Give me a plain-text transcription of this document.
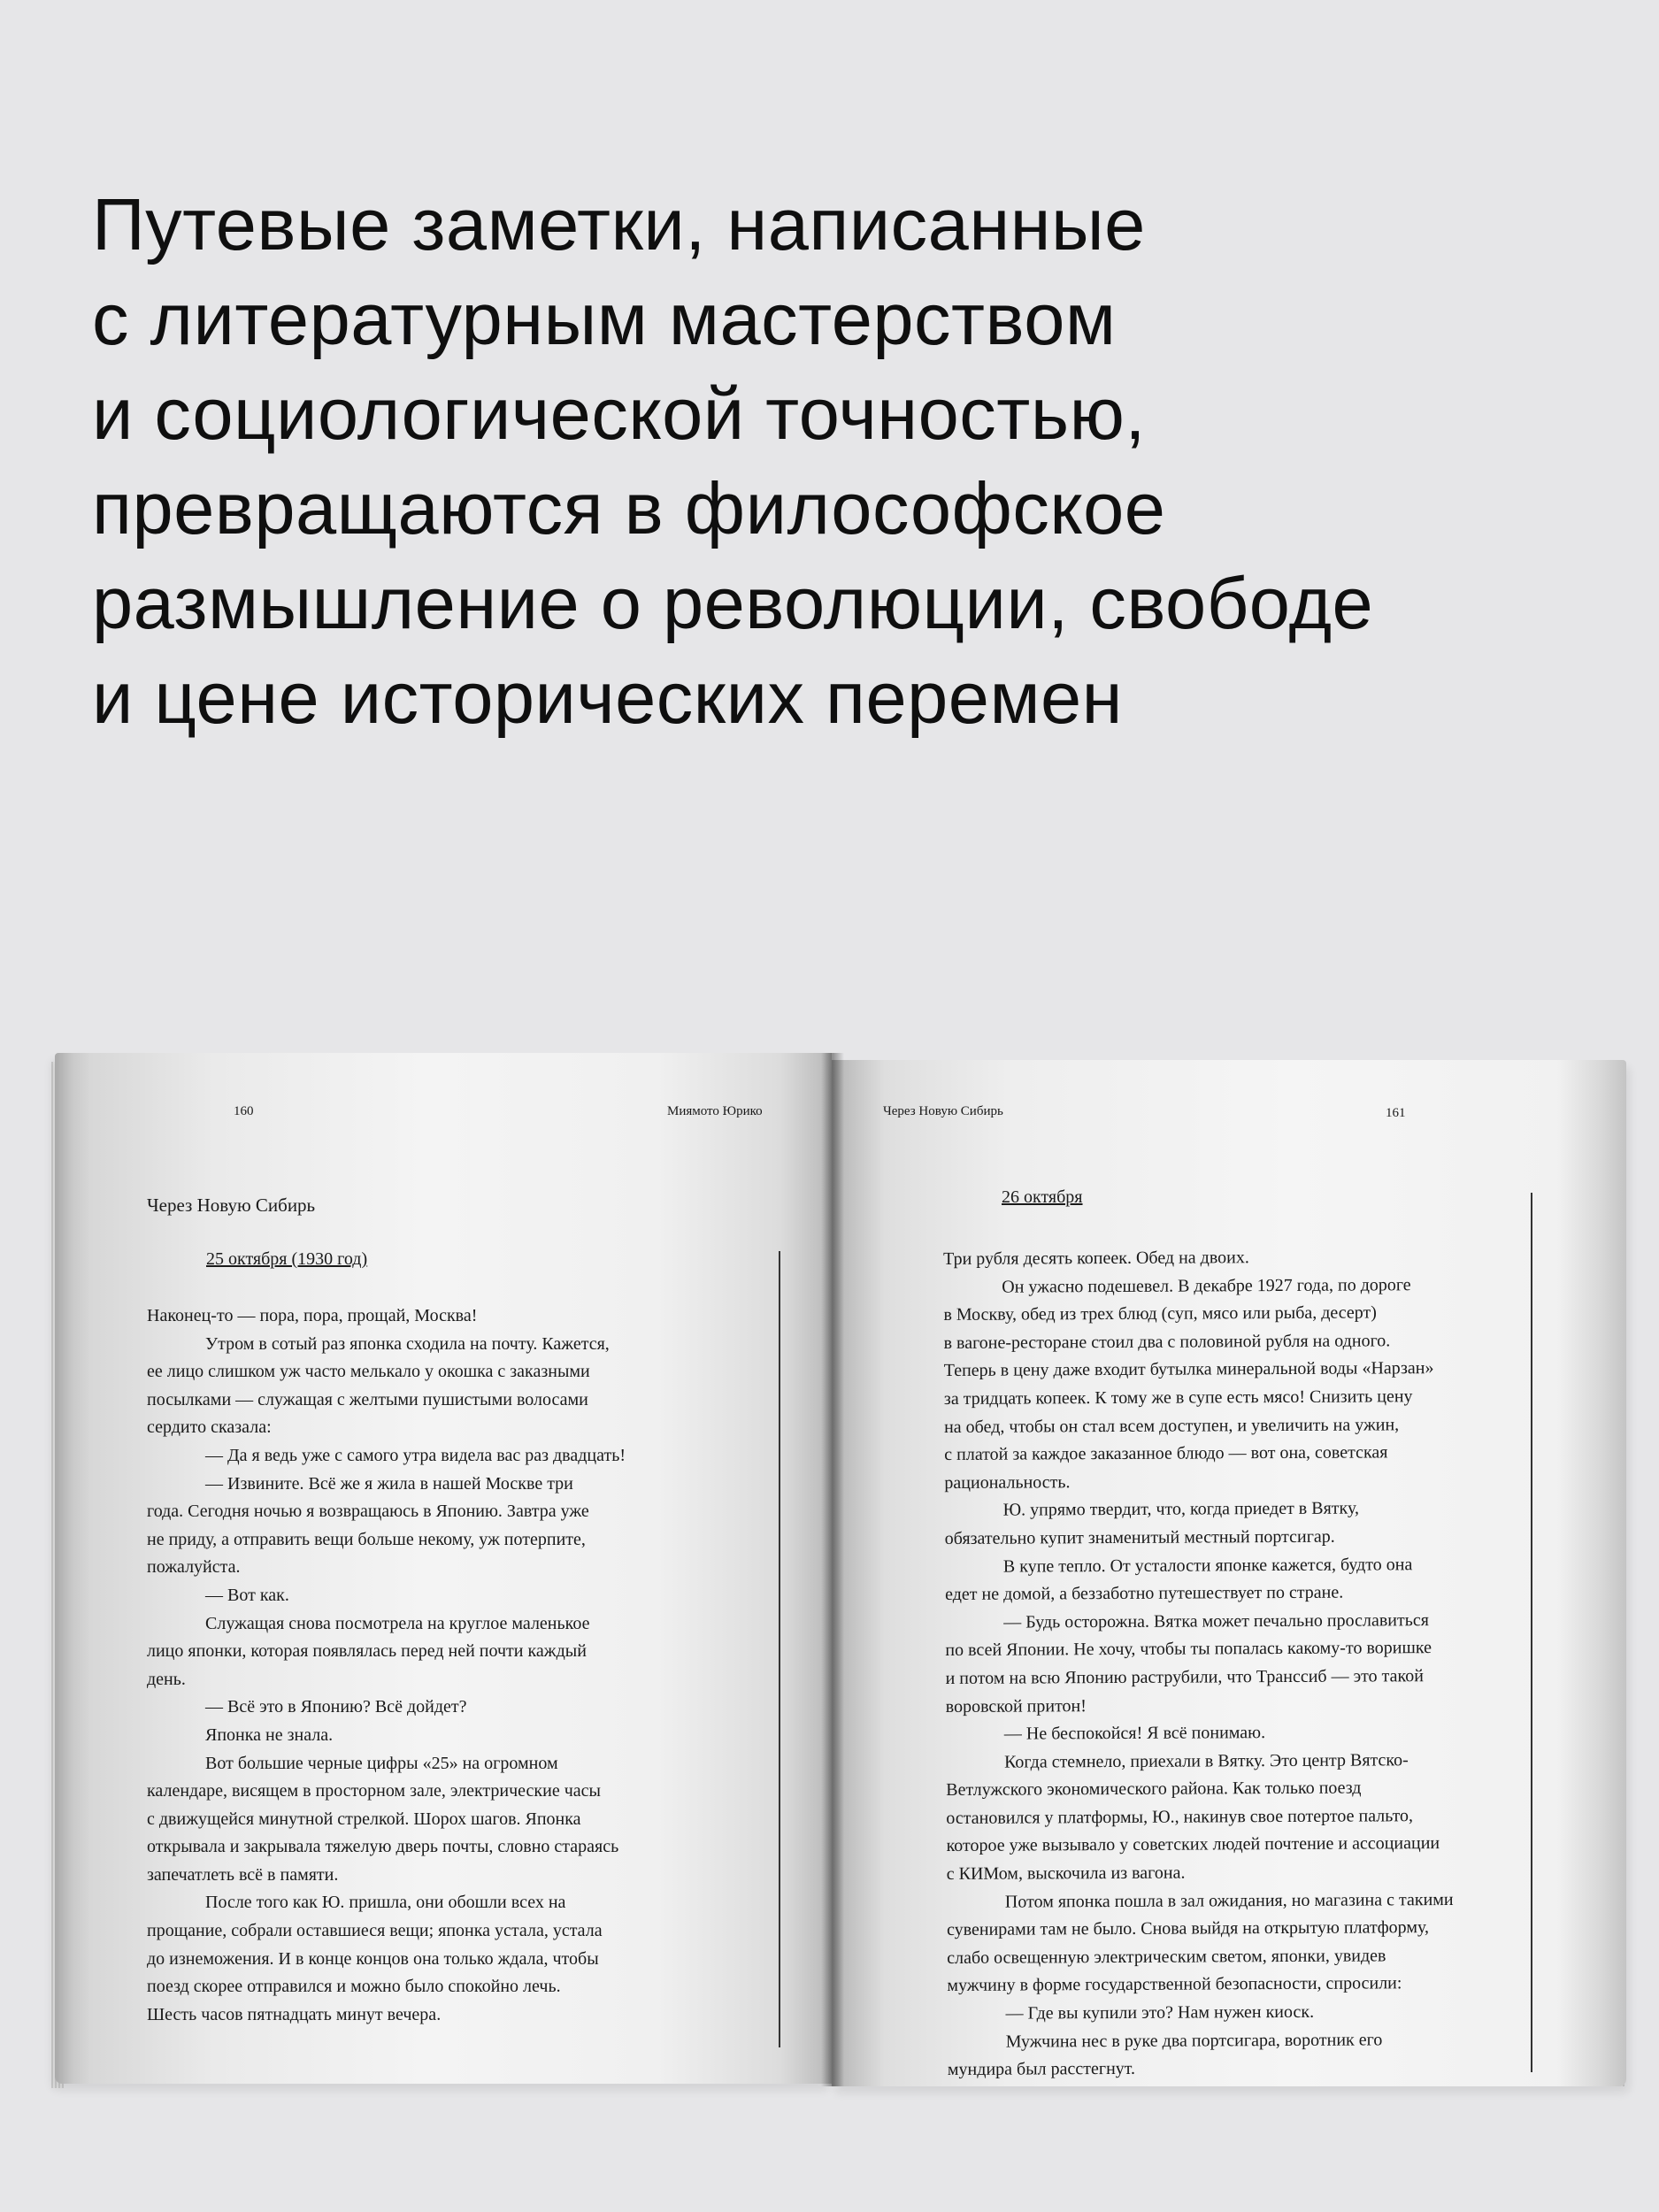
Путевые заметки, написанные
с литературным мастерством
и социологической точностью,
превращаются в философское
размышление о революции, свободе
и цене исторических перемен
160	Миямото Юрико
Через Новую Сибирь
25 октября (1930 год)
Наконец-то — пора, пора, прощай, Москва!
Утром в сотый раз японка сходила на почту. Кажется,
ее лицо слишком уж часто мелькало у окошка с заказными
посылками — служащая с желтыми пушистыми волосами
сердито сказала:
— Да я ведь уже с самого утра видела вас раз двадцать!
— Извините. Всё же я жила в нашей Москве три
года. Сегодня ночью я возвращаюсь в Японию. Завтра уже
не приду, а отправить вещи больше некому, уж потерпите,
пожалуйста.
— Вот как.
Служащая снова посмотрела на круглое маленькое
лицо японки, которая появлялась перед ней почти каждый
день.
— Всё это в Японию? Всё дойдет?
Японка не знала.
Вот большие черные цифры «25» на огромном
календаре, висящем в просторном зале, электрические часы
с движущейся минутной стрелкой. Шорох шагов. Японка
открывала и закрывала тяжелую дверь почты, словно стараясь
запечатлеть всё в памяти.
После того как Ю. пришла, они обошли всех на
прощание, собрали оставшиеся вещи; японка устала, устала
до изнеможения. И в конце концов она только ждала, чтобы
поезд скорее отправился и можно было спокойно лечь.
Шесть часов пятнадцать минут вечера.
Через Новую Сибирь	161
26 октября
Три рубля десять копеек. Обед на двоих.
Он ужасно подешевел. В декабре 1927 года, по дороге
в Москву, обед из трех блюд (суп, мясо или рыба, десерт)
в вагоне-ресторане стоил два с половиной рубля на одного.
Теперь в цену даже входит бутылка минеральной воды «Нарзан»
за тридцать копеек. К тому же в супе есть мясо! Снизить цену
на обед, чтобы он стал всем доступен, и увеличить на ужин,
с платой за каждое заказанное блюдо — вот она, советская
рациональность.
Ю. упрямо твердит, что, когда приедет в Вятку,
обязательно купит знаменитый местный портсигар.
В купе тепло. От усталости японке кажется, будто она
едет не домой, а беззаботно путешествует по стране.
— Будь осторожна. Вятка может печально прославиться
по всей Японии. Не хочу, чтобы ты попалась какому-то воришке
и потом на всю Японию раструбили, что Транссиб — это такой
воровской притон!
— Не беспокойся! Я всё понимаю.
Когда стемнело, приехали в Вятку. Это центр Вятско-
Ветлужского экономического района. Как только поезд
остановился у платформы, Ю., накинув свое потертое пальто,
которое уже вызывало у советских людей почтение и ассоциации
с КИМом, выскочила из вагона.
Потом японка пошла в зал ожидания, но магазина с такими
сувенирами там не было. Снова выйдя на открытую платформу,
слабо освещенную электрическим светом, японки, увидев
мужчину в форме государственной безопасности, спросили:
— Где вы купили это? Нам нужен киоск.
Мужчина нес в руке два портсигара, воротник его
мундира был расстегнут.
